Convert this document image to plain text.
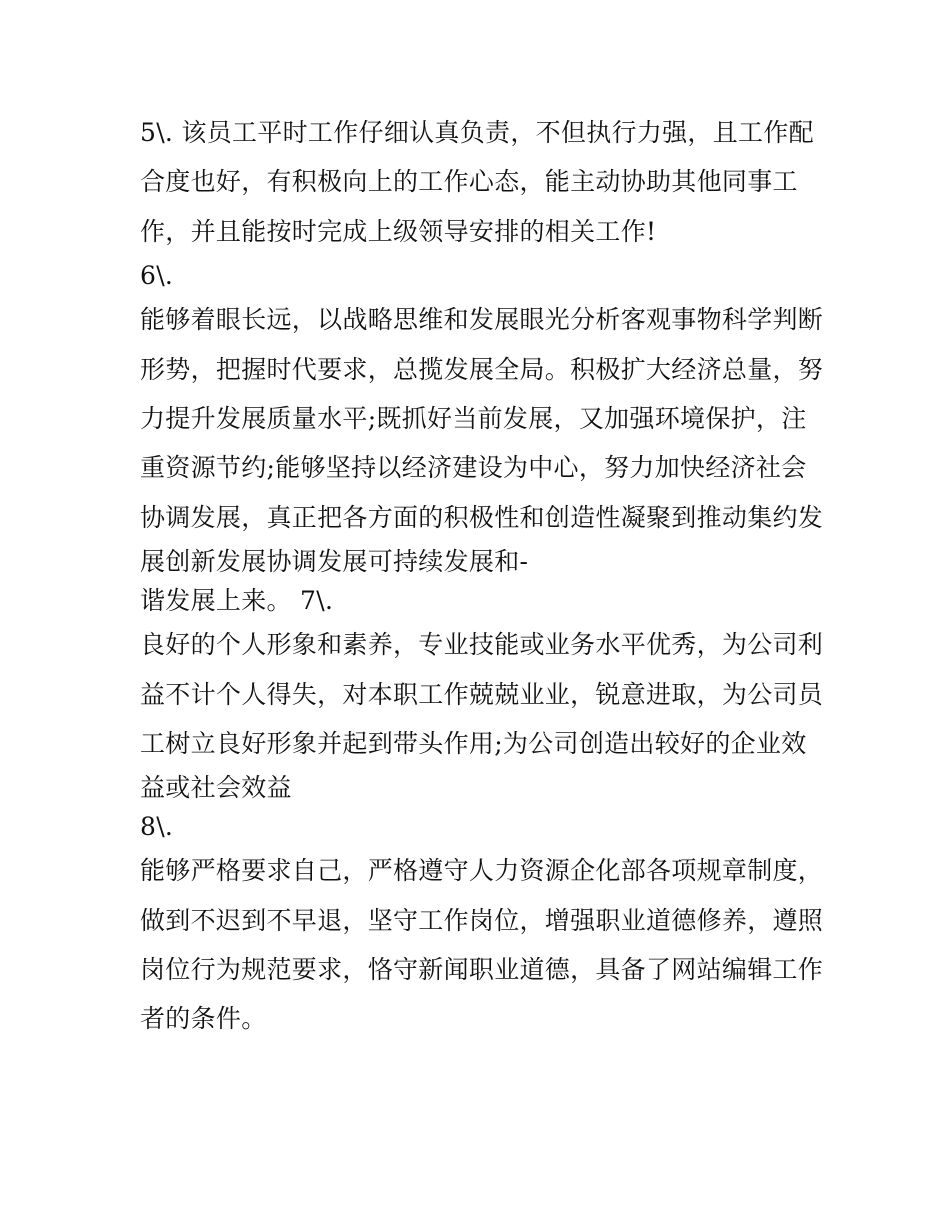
5\. 该员工平时工作仔细认真负责，不但执行力强，且工作配
合度也好，有积极向上的工作心态，能主动协助其他同事工
作，并且能按时完成上级领导安排的相关工作!
6\.
能够着眼长远，以战略思维和发展眼光分析客观事物科学判断
形势，把握时代要求，总揽发展全局。积极扩大经济总量，努
力提升发展质量水平;既抓好当前发展，又加强环境保护，注
重资源节约;能够坚持以经济建设为中心，努力加快经济社会
协调发展，真正把各方面的积极性和创造性凝聚到推动集约发
展创新发展协调发展可持续发展和-
谐发展上来。 7\.
良好的个人形象和素养，专业技能或业务水平优秀，为公司利
益不计个人得失，对本职工作兢兢业业，锐意进取，为公司员
工树立良好形象并起到带头作用;为公司创造出较好的企业效
益或社会效益
8\.
能够严格要求自己，严格遵守人力资源企化部各项规章制度，
做到不迟到不早退，坚守工作岗位，增强职业道德修养，遵照
岗位行为规范要求，恪守新闻职业道德，具备了网站编辑工作
者的条件。
